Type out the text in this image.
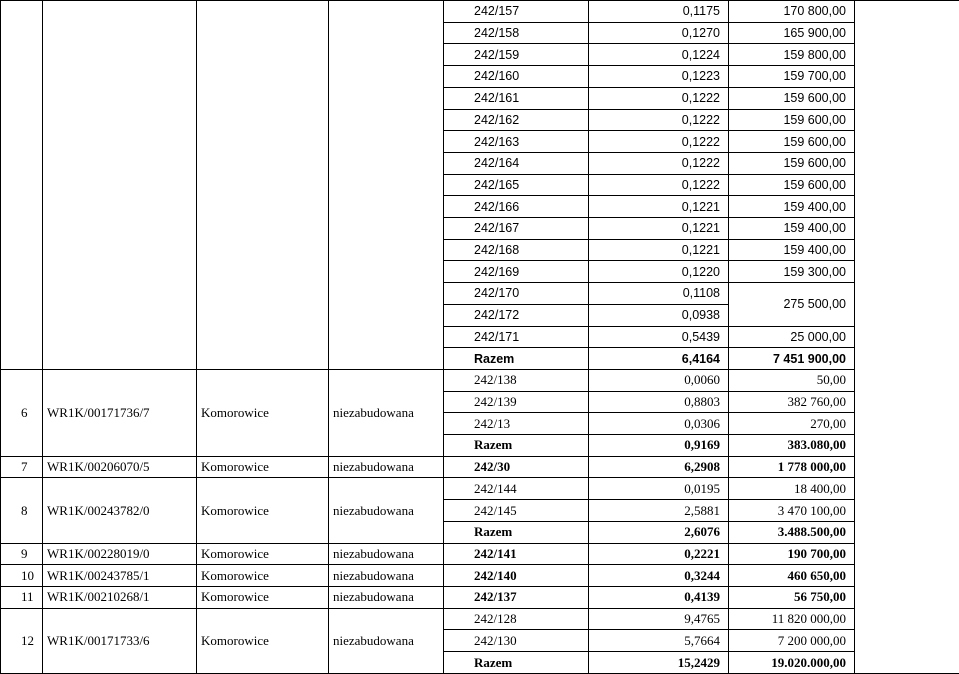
				242/157	0,1175	170 800,00	
				242/158	0,1270	165 900,00	
				242/159	0,1224	159 800,00	
				242/160	0,1223	159 700,00	
				242/161	0,1222	159 600,00	
				242/162	0,1222	159 600,00	
				242/163	0,1222	159 600,00	
				242/164	0,1222	159 600,00	
				242/165	0,1222	159 600,00	
				242/166	0,1221	159 400,00	
				242/167	0,1221	159 400,00	
				242/168	0,1221	159 400,00	
				242/169	0,1220	159 300,00	
				242/170	0,1108	275 500,00	
				242/172	0,0938		
				242/171	0,5439	25 000,00	
				Razem	6,4164	7 451 900,00	
6	WR1K/00171736/7	Komorowice	niezabudowana	242/138	0,0060	50,00	
				242/139	0,8803	382 760,00	
				242/13	0,0306	270,00	
				Razem	0,9169	383.080,00	
7	WR1K/00206070/5	Komorowice	niezabudowana	242/30	6,2908	1 778 000,00	
8	WR1K/00243782/0	Komorowice	niezabudowana	242/144	0,0195	18 400,00	
				242/145	2,5881	3 470 100,00	
				Razem	2,6076	3.488.500,00	
9	WR1K/00228019/0	Komorowice	niezabudowana	242/141	0,2221	190 700,00	
10	WR1K/00243785/1	Komorowice	niezabudowana	242/140	0,3244	460 650,00	
11	WR1K/00210268/1	Komorowice	niezabudowana	242/137	0,4139	56 750,00	
12	WR1K/00171733/6	Komorowice	niezabudowana	242/128	9,4765	11 820 000,00	
				242/130	5,7664	7 200 000,00	
				Razem	15,2429	19.020.000,00	
